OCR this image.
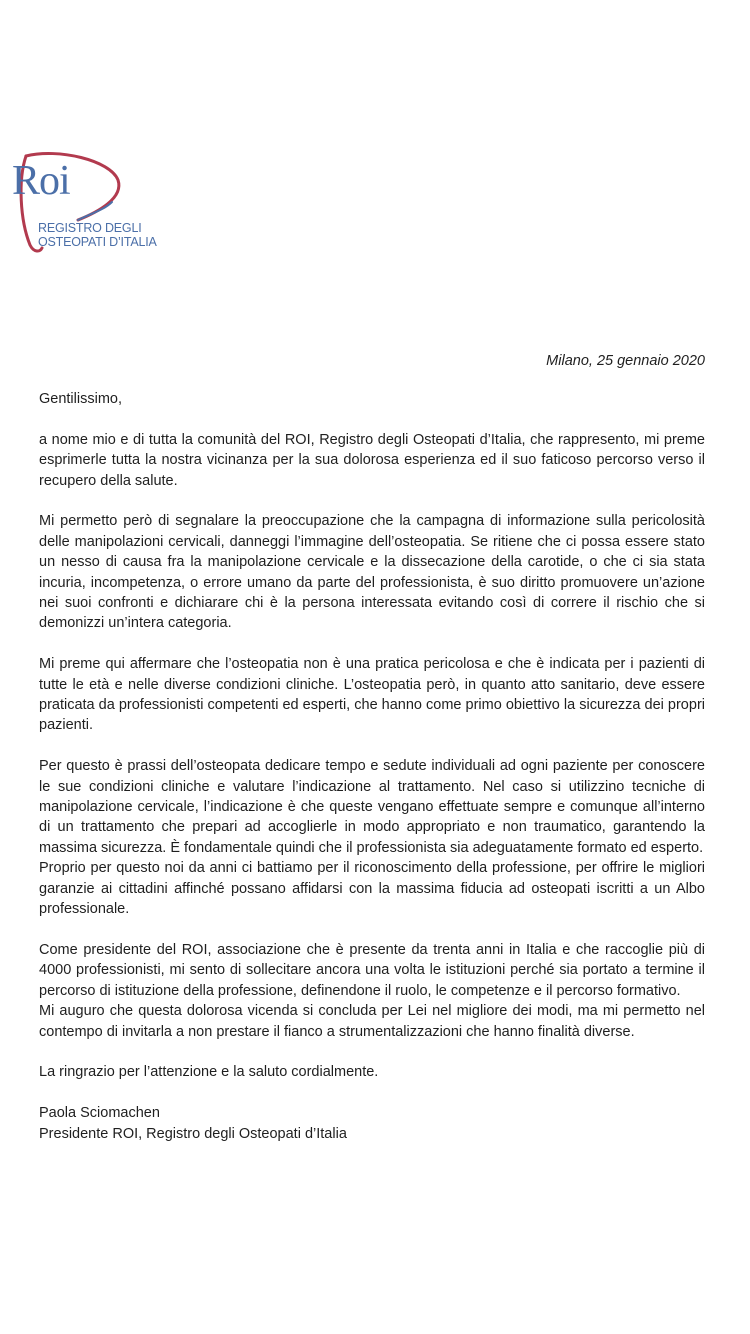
Roi
REGISTRO DEGLI
OSTEOPATI D’ITALIA
Milano, 25 gennaio 2020

Gentilissimo,

a nome mio e di tutta la comunità del ROI, Registro degli Osteopati d’Italia, che rappresento, mi preme esprimerle tutta la nostra vicinanza per la sua dolorosa esperienza ed il suo faticoso percorso verso il recupero della salute.

Mi permetto però di segnalare la preoccupazione che la campagna di informazione sulla pericolosità delle manipolazioni cervicali, danneggi l’immagine dell’osteopatia. Se ritiene che ci possa essere stato un nesso di causa fra la manipolazione cervicale e la dissecazione della carotide, o che ci sia stata incuria, incompetenza, o errore umano da parte del professionista, è suo diritto promuovere un’azione nei suoi confronti e dichiarare chi è la persona interessata evitando così di correre il rischio che si demonizzi un’intera categoria.

Mi preme qui affermare che l’osteopatia non è una pratica pericolosa e che è indicata per i pazienti di tutte le età e nelle diverse condizioni cliniche. L’osteopatia però, in quanto atto sanitario, deve essere praticata da professionisti competenti ed esperti, che hanno come primo obiettivo la sicurezza dei propri pazienti.

Per questo è prassi dell’osteopata dedicare tempo e sedute individuali ad ogni paziente per conoscere le sue condizioni cliniche e valutare l’indicazione al trattamento. Nel caso si utilizzino tecniche di manipolazione cervicale, l’indicazione è che queste vengano effettuate sempre e comunque all’interno di un trattamento che prepari ad accoglierle in modo appropriato e non traumatico, garantendo la massima sicurezza. È fondamentale quindi che il professionista sia adeguatamente formato ed esperto.

Proprio per questo noi da anni ci battiamo per il riconoscimento della professione, per offrire le migliori garanzie ai cittadini affinché possano affidarsi con la massima fiducia ad osteopati iscritti a un Albo professionale.

Come presidente del ROI, associazione che è presente da trenta anni in Italia e che raccoglie più di 4000 professionisti, mi sento di sollecitare ancora una volta le istituzioni perché sia portato a termine il percorso di istituzione della professione, definendone il ruolo, le competenze e il percorso formativo.

Mi auguro che questa dolorosa vicenda si concluda per Lei nel migliore dei modi, ma mi permetto nel contempo di invitarla a non prestare il fianco a strumentalizzazioni che hanno finalità diverse.

La ringrazio per l’attenzione e la saluto cordialmente.

Paola Sciomachen

Presidente ROI, Registro degli Osteopati d’Italia
